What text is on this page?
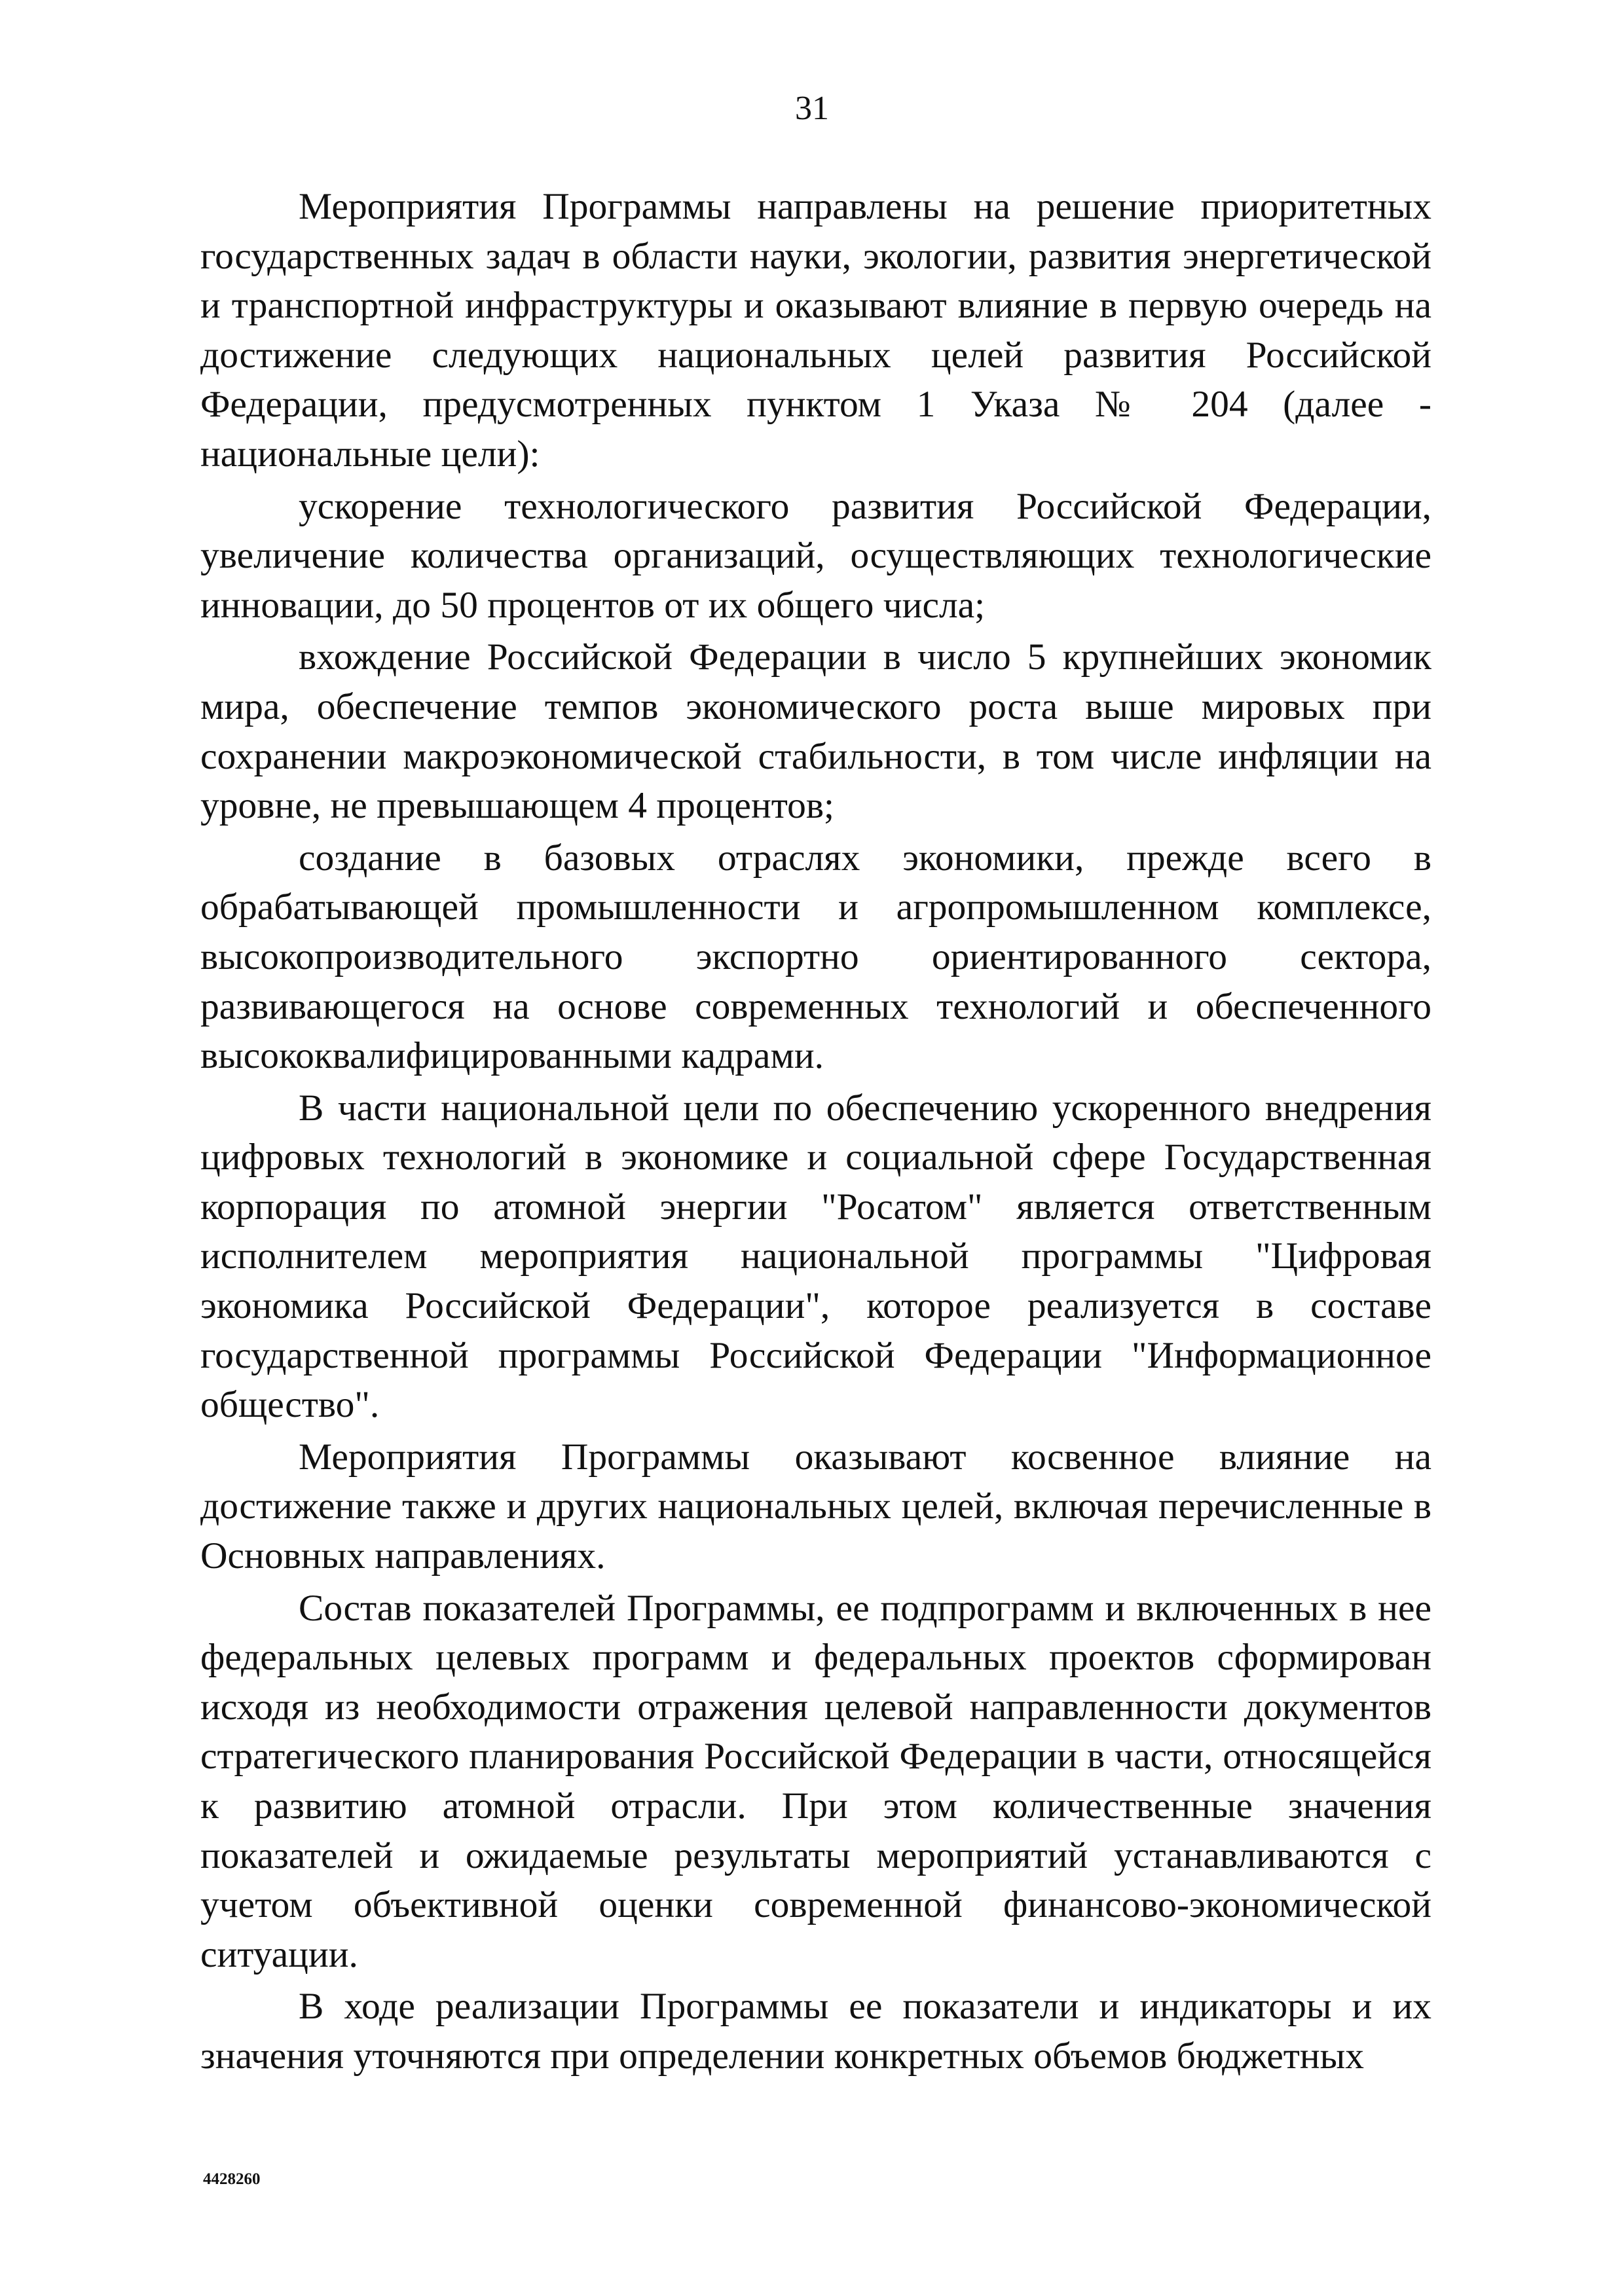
31

Мероприятия Программы направлены на решение приоритетных государственных задач в области науки, экологии, развития энергетической и транспортной инфраструктуры и оказывают влияние в первую очередь на достижение следующих национальных целей развития Российской Федерации, предусмотренных пунктом 1 Указа № 204 (далее - национальные цели):

ускорение технологического развития Российской Федерации, увеличение количества организаций, осуществляющих технологические инновации, до 50 процентов от их общего числа;

вхождение Российской Федерации в число 5 крупнейших экономик мира, обеспечение темпов экономического роста выше мировых при сохранении макроэкономической стабильности, в том числе инфляции на уровне, не превышающем 4 процентов;

создание в базовых отраслях экономики, прежде всего в обрабатывающей промышленности и агропромышленном комплексе, высокопроизводительного экспортно ориентированного сектора, развивающегося на основе современных технологий и обеспеченного высококвалифицированными кадрами.

В части национальной цели по обеспечению ускоренного внедрения цифровых технологий в экономике и социальной сфере Государственная корпорация по атомной энергии "Росатом" является ответственным исполнителем мероприятия национальной программы "Цифровая экономика Российской Федерации", которое реализуется в составе государственной программы Российской Федерации "Информационное общество".

Мероприятия Программы оказывают косвенное влияние на достижение также и других национальных целей, включая перечисленные в Основных направлениях.

Состав показателей Программы, ее подпрограмм и включенных в нее федеральных целевых программ и федеральных проектов сформирован исходя из необходимости отражения целевой направленности документов стратегического планирования Российской Федерации в части, относящейся к развитию атомной отрасли. При этом количественные значения показателей и ожидаемые результаты мероприятий устанавливаются с учетом объективной оценки современной финансово-экономической ситуации.

В ходе реализации Программы ее показатели и индикаторы и их значения уточняются при определении конкретных объемов бюджетных

4428260
